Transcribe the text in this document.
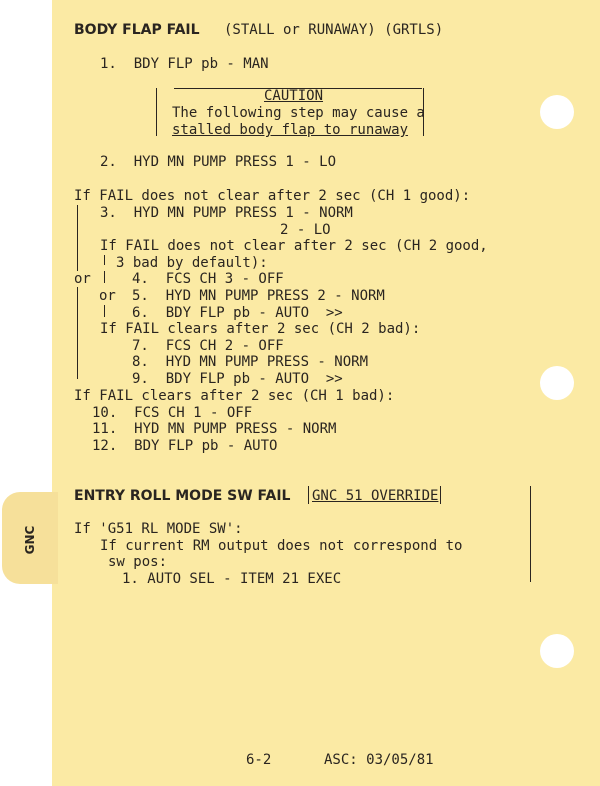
GNC
BODY FLAP FAIL (STALL or RUNAWAY) (GRTLS)
1.  BDY FLP pb - MAN
CAUTION
The following step may cause a
stalled body flap to runaway
2.  HYD MN PUMP PRESS 1 - LO
If FAIL does not clear after 2 sec (CH 1 good):
3.  HYD MN PUMP PRESS 1 - NORM
2 - LO
If FAIL does not clear after 2 sec (CH 2 good,
3 bad by default):
or	4.  FCS CH 3 - OFF
or 5.  HYD MN PUMP PRESS 2 - NORM
6.  BDY FLP pb - AUTO  >>
If FAIL clears after 2 sec (CH 2 bad):
7.  FCS CH 2 - OFF
8.  HYD MN PUMP PRESS - NORM
9.  BDY FLP pb - AUTO  >>
If FAIL clears after 2 sec (CH 1 bad):
10.  FCS CH 1 - OFF
11.  HYD MN PUMP PRESS - NORM
12.  BDY FLP pb - AUTO
ENTRY ROLL MODE SW FAIL GNC 51 OVERRIDE
If 'G51 RL MODE SW':
If current RM output does not correspond to
sw pos:
1. AUTO SEL - ITEM 21 EXEC
6-2	ASC: 03/05/81
